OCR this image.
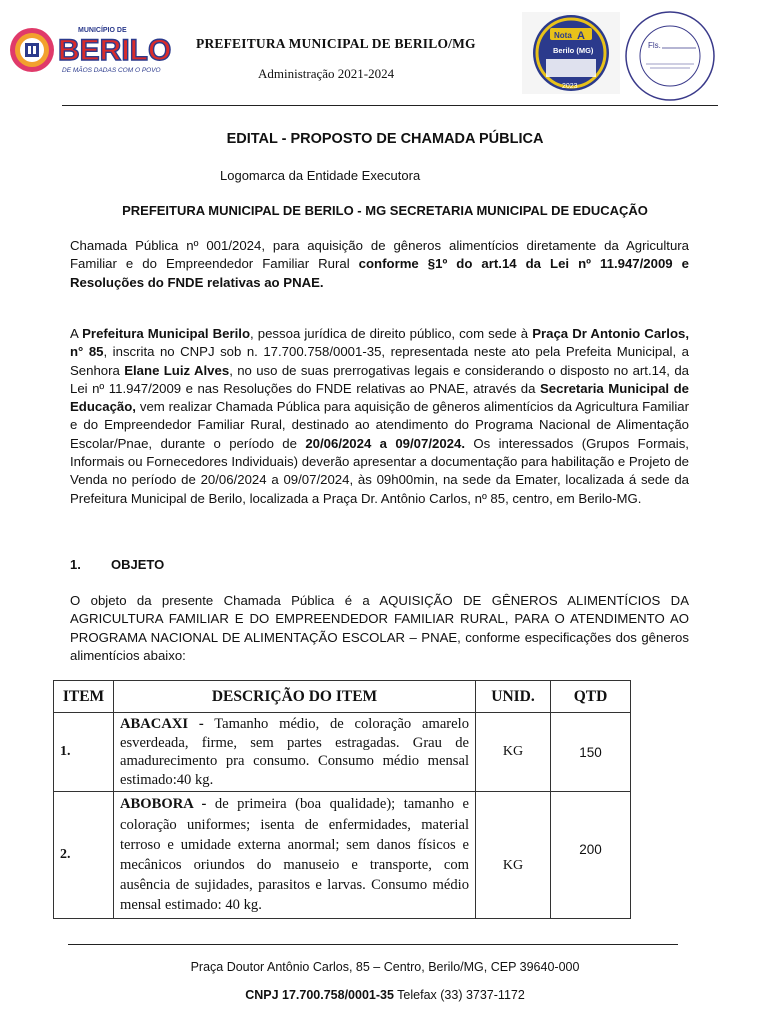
MUNICÍPIO DE
BERILO
DE MÃOS DADAS COM O POVO
PREFEITURA MUNICIPAL DE BERILO/MG
Administração 2021-2024
Nota A
Berilo (MG)
2023
Fls.
EDITAL - PROPOSTO DE CHAMADA PÚBLICA
Logomarca da Entidade Executora
PREFEITURA MUNICIPAL DE BERILO - MG SECRETARIA MUNICIPAL DE EDUCAÇÃO
Chamada Pública nº 001/2024, para aquisição de gêneros alimentícios diretamente da Agricultura Familiar e do Empreendedor Familiar Rural conforme §1º do art.14 da Lei nº 11.947/2009 e Resoluções do FNDE relativas ao PNAE.
A Prefeitura Municipal Berilo, pessoa jurídica de direito público, com sede à Praça Dr Antonio Carlos, n° 85, inscrita no CNPJ sob n. 17.700.758/0001-35, representada neste ato pela Prefeita Municipal, a Senhora Elane Luiz Alves, no uso de suas prerrogativas legais e considerando o disposto no art.14, da Lei nº 11.947/2009 e nas Resoluções do FNDE relativas ao PNAE, através da Secretaria Municipal de Educação, vem realizar Chamada Pública para aquisição de gêneros alimentícios da Agricultura Familiar e do Empreendedor Familiar Rural, destinado ao atendimento do Programa Nacional de Alimentação Escolar/Pnae, durante o período de 20/06/2024 a 09/07/2024. Os interessados (Grupos Formais, Informais ou Fornecedores Individuais) deverão apresentar a documentação para habilitação e Projeto de Venda no período de 20/06/2024 a 09/07/2024, às 09h00min, na sede da Emater, localizada á sede da Prefeitura Municipal de Berilo, localizada a Praça Dr. Antônio Carlos, nº 85, centro, em Berilo-MG.
1. OBJETO
O objeto da presente Chamada Pública é a AQUISIÇÃO DE GÊNEROS ALIMENTÍCIOS DA AGRICULTURA FAMILIAR E DO EMPREENDEDOR FAMILIAR RURAL, PARA O ATENDIMENTO AO PROGRAMA NACIONAL DE ALIMENTAÇÃO ESCOLAR – PNAE, conforme especificações dos gêneros alimentícios abaixo:
ITEM	DESCRIÇÃO DO ITEM	UNID.	QTD
1.	ABACAXI - Tamanho médio, de coloração amarelo esverdeada, firme, sem partes estragadas. Grau de amadurecimento pra consumo. Consumo médio mensal estimado:40 kg.	KG	150
2.	ABOBORA - de primeira (boa qualidade); tamanho e coloração uniformes; isenta de enfermidades, material terroso e umidade externa anormal; sem danos físicos e mecânicos oriundos do manuseio e transporte, com ausência de sujidades, parasitos e larvas. Consumo médio mensal estimado: 40 kg.	KG	200
Praça Doutor Antônio Carlos, 85 – Centro, Berilo/MG, CEP 39640-000
CNPJ 17.700.758/0001-35 Telefax (33) 3737-1172
